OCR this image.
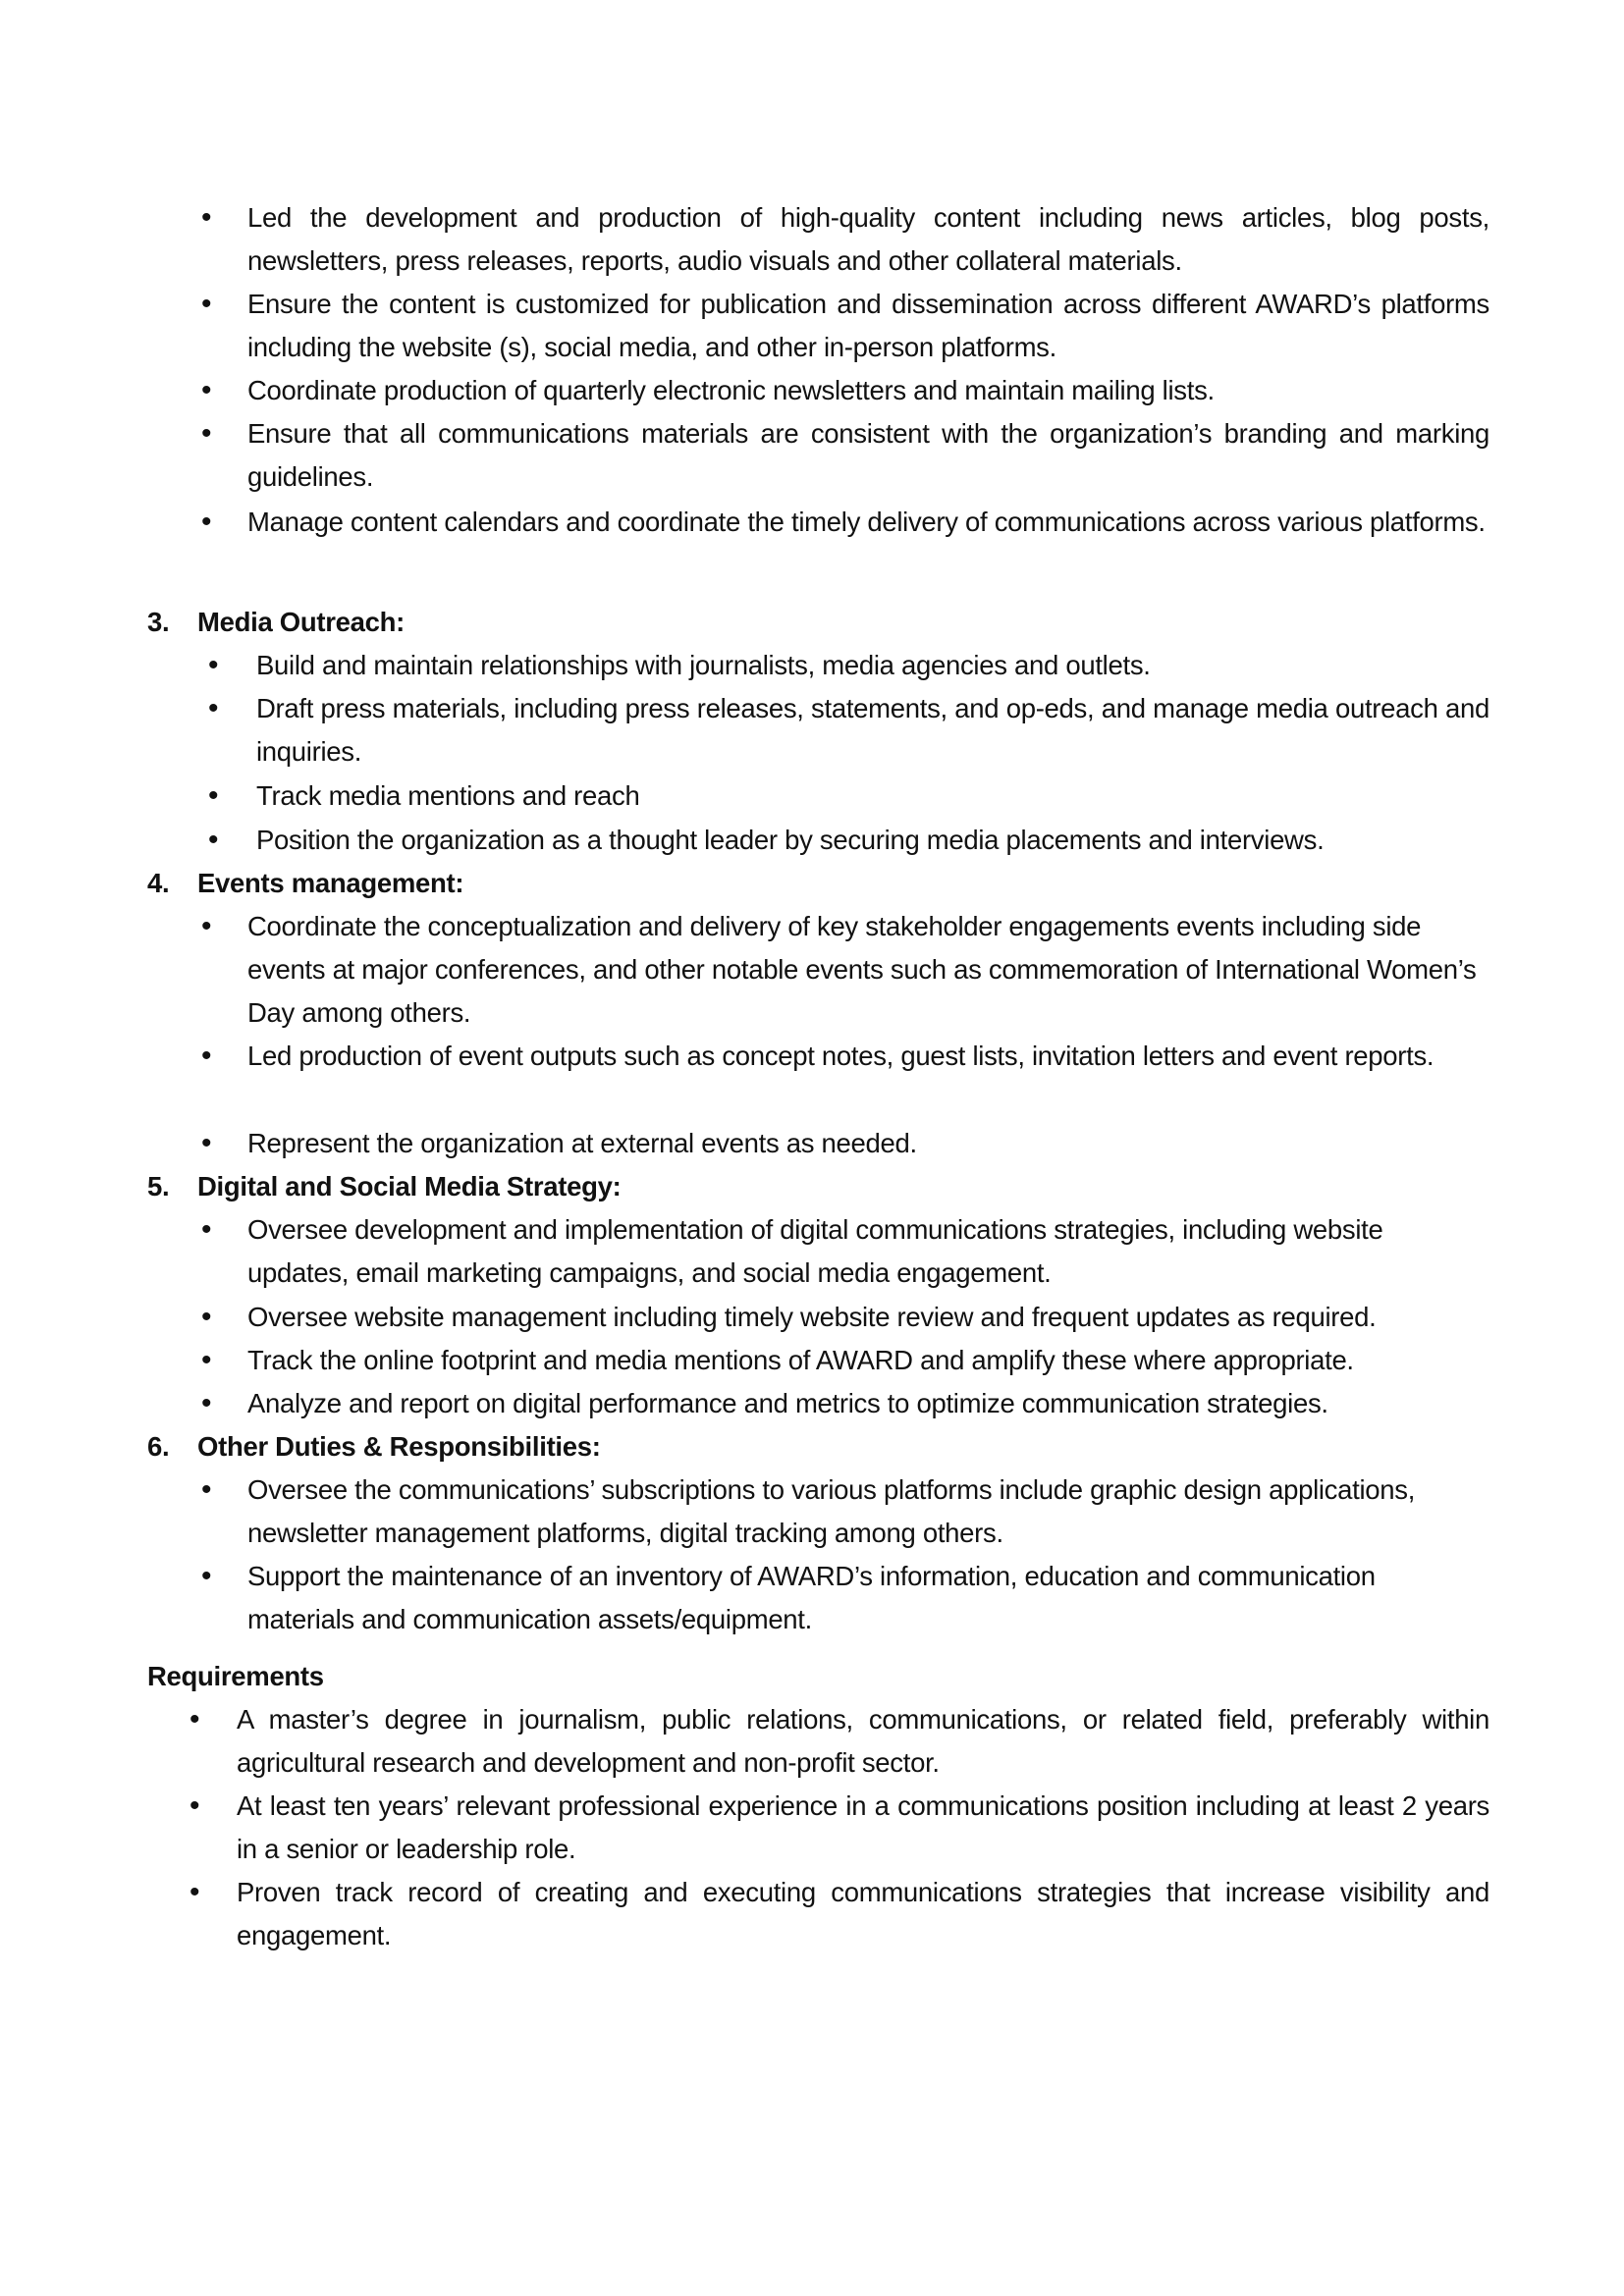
• Led the development and production of high-quality content including news articles, blog posts, newsletters, press releases, reports, audio visuals and other collateral materials.
• Ensure the content is customized for publication and dissemination across different AWARD’s platforms including the website (s), social media, and other in-person platforms.
• Coordinate production of quarterly electronic newsletters and maintain mailing lists.
• Ensure that all communications materials are consistent with the organization’s branding and marking guidelines.
• Manage content calendars and coordinate the timely delivery of communications across various platforms.
3. Media Outreach:
• Build and maintain relationships with journalists, media agencies and outlets.
• Draft press materials, including press releases, statements, and op-eds, and manage media outreach and inquiries.
• Track media mentions and reach
• Position the organization as a thought leader by securing media placements and interviews.
4. Events management:
• Coordinate the conceptualization and delivery of key stakeholder engagements events including side events at major conferences, and other notable events such as commemoration of International Women’s Day among others.
• Led production of event outputs such as concept notes, guest lists, invitation letters and event reports.
• Represent the organization at external events as needed.
5. Digital and Social Media Strategy:
• Oversee development and implementation of digital communications strategies, including website updates, email marketing campaigns, and social media engagement.
• Oversee website management including timely website review and frequent updates as required.
• Track the online footprint and media mentions of AWARD and amplify these where appropriate.
• Analyze and report on digital performance and metrics to optimize communication strategies.
6. Other Duties & Responsibilities:
• Oversee the communications’ subscriptions to various platforms include graphic design applications, newsletter management platforms, digital tracking among others.
• Support the maintenance of an inventory of AWARD’s information, education and communication materials and communication assets/equipment.
Requirements
• A master’s degree in journalism, public relations, communications, or related field, preferably within agricultural research and development and non-profit sector.
• At least ten years’ relevant professional experience in a communications position including at least 2 years in a senior or leadership role.
• Proven track record of creating and executing communications strategies that increase visibility and engagement.
